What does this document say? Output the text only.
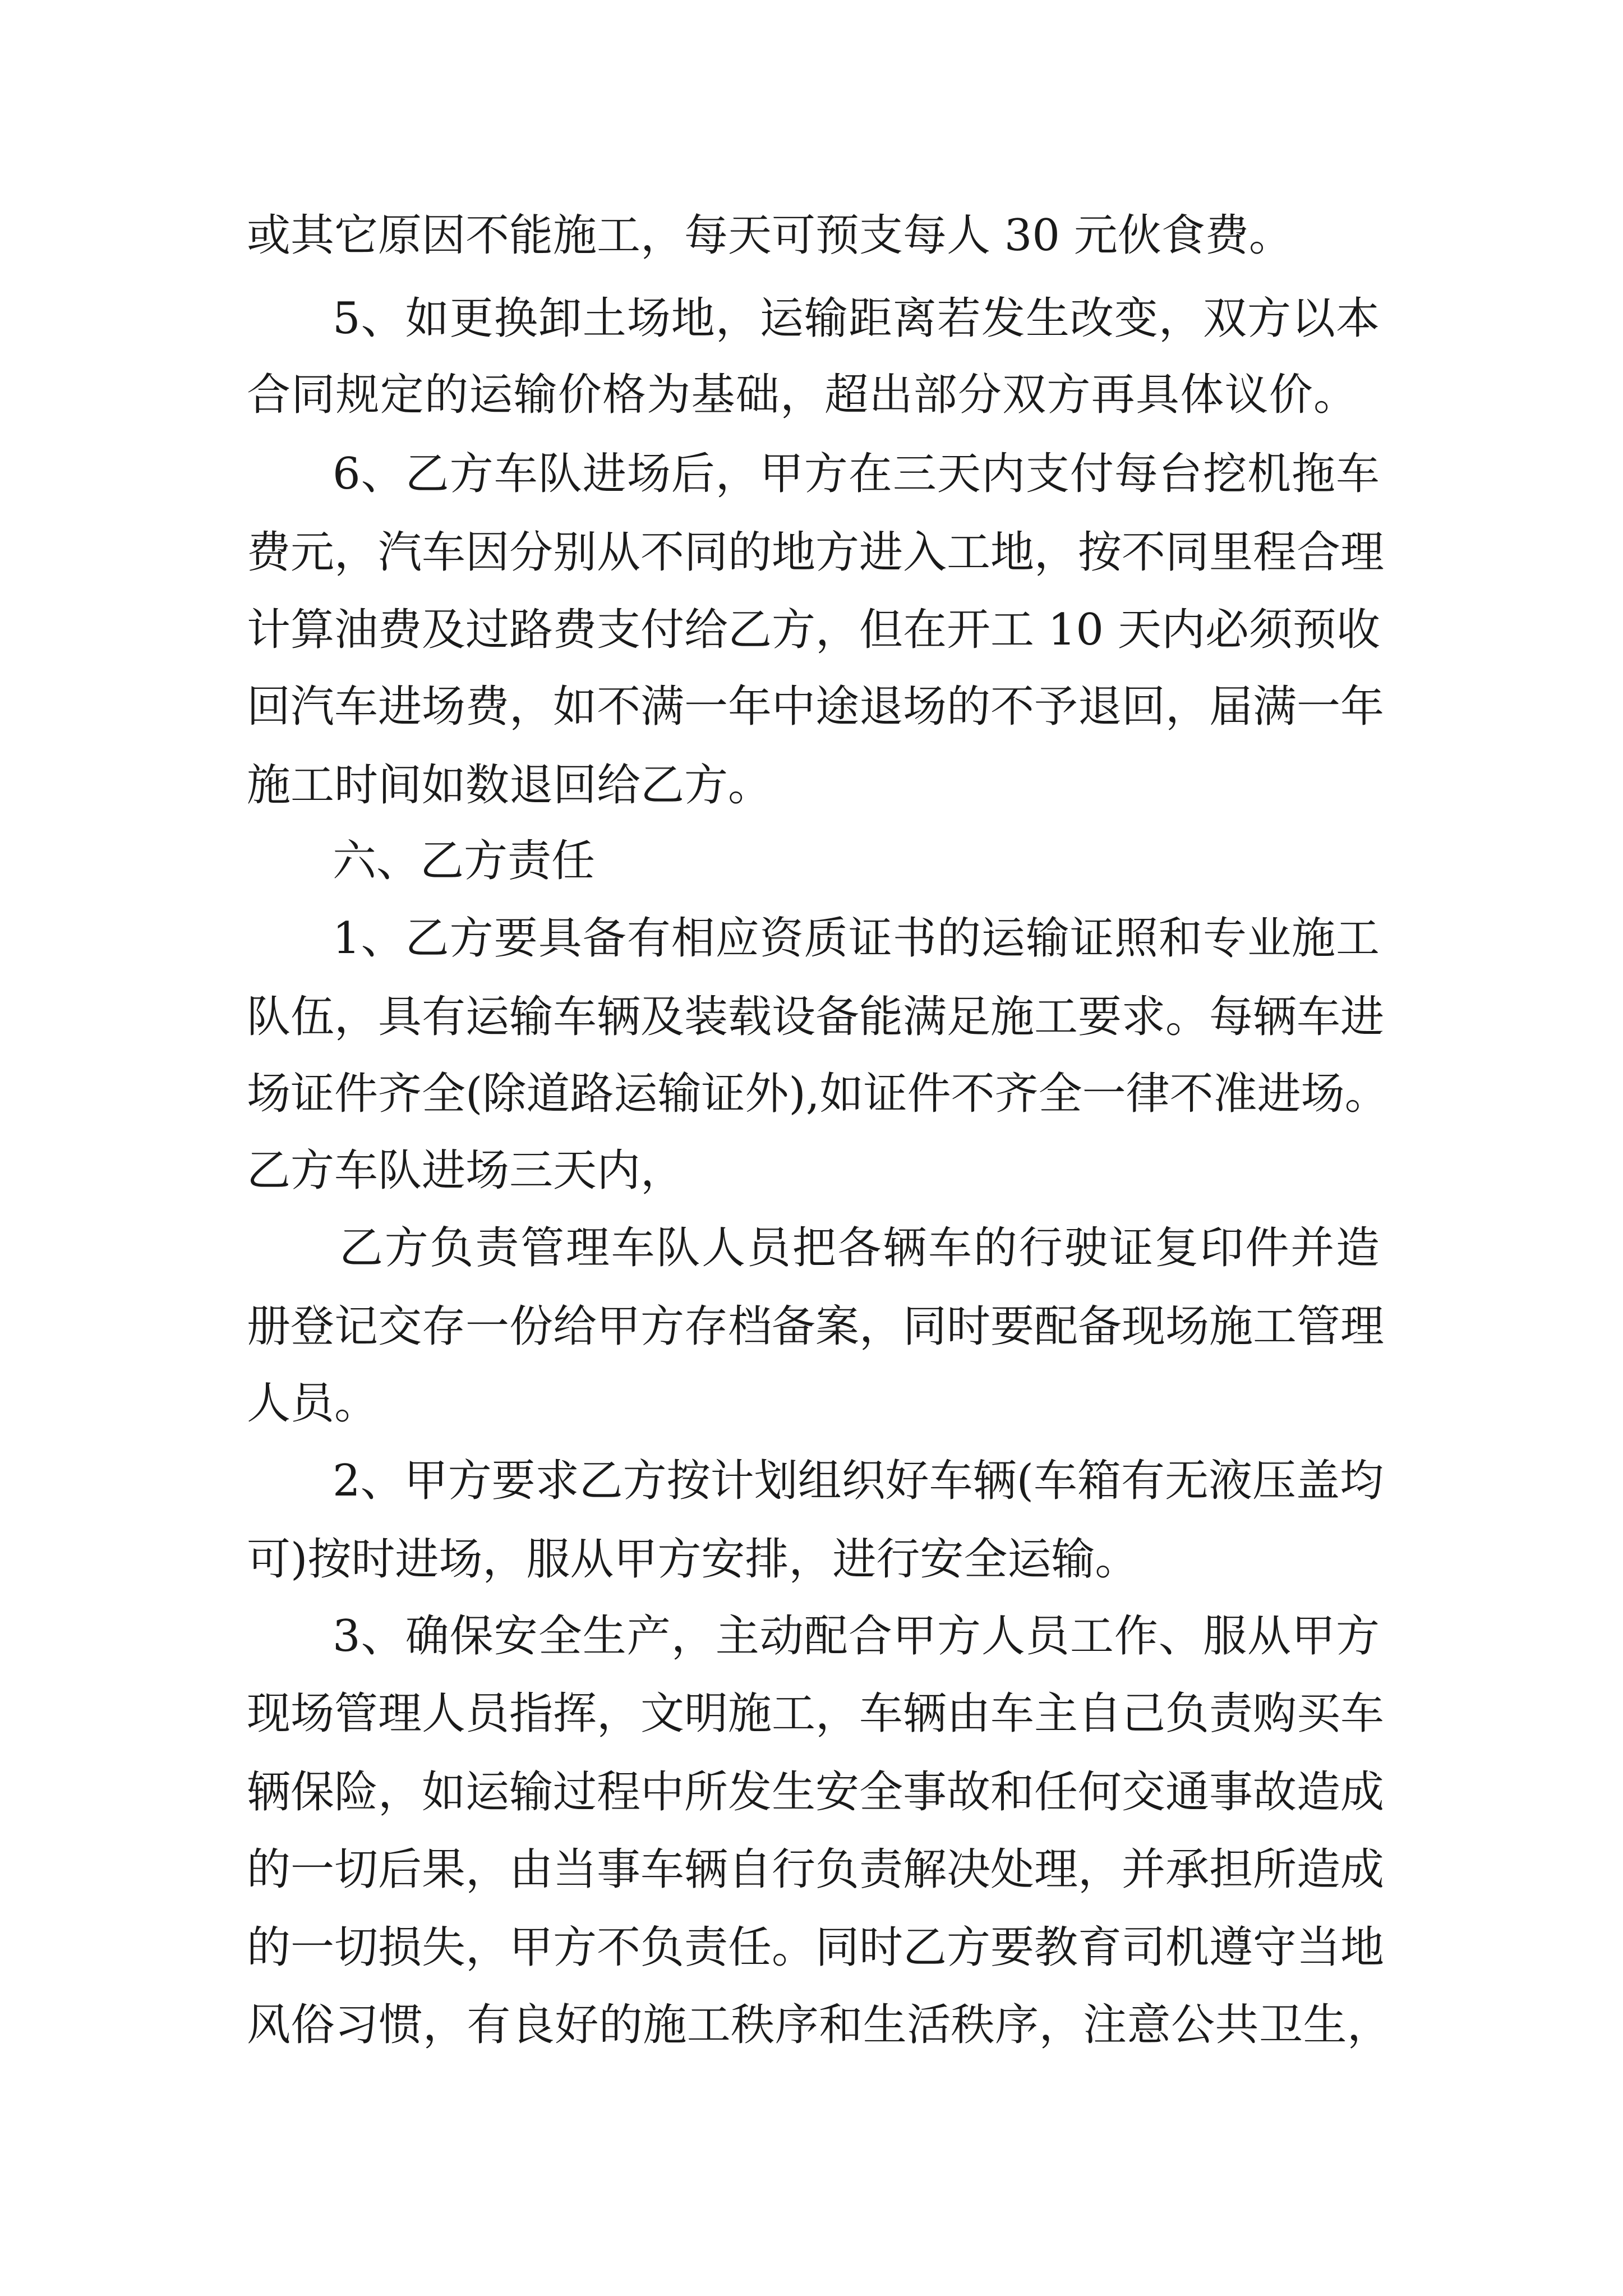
或其它原因不能施工，每天可预支每人 30 元伙食费。
5、如更换卸土场地，运输距离若发生改变，双方以本
合同规定的运输价格为基础，超出部分双方再具体议价。
6、乙方车队进场后，甲方在三天内支付每台挖机拖车
费元，汽车因分别从不同的地方进入工地，按不同里程合理
计算油费及过路费支付给乙方，但在开工 10 天内必须预收
回汽车进场费，如不满一年中途退场的不予退回，届满一年
施工时间如数退回给乙方。
六、乙方责任
1、乙方要具备有相应资质证书的运输证照和专业施工
队伍，具有运输车辆及装载设备能满足施工要求。每辆车进
场证件齐全(除道路运输证外),如证件不齐全一律不准进场。
乙方车队进场三天内，
乙方负责管理车队人员把各辆车的行驶证复印件并造
册登记交存一份给甲方存档备案，同时要配备现场施工管理
人员。
2、甲方要求乙方按计划组织好车辆(车箱有无液压盖均
可)按时进场，服从甲方安排，进行安全运输。
3、确保安全生产，主动配合甲方人员工作、服从甲方
现场管理人员指挥，文明施工，车辆由车主自己负责购买车
辆保险，如运输过程中所发生安全事故和任何交通事故造成
的一切后果，由当事车辆自行负责解决处理，并承担所造成
的一切损失，甲方不负责任。同时乙方要教育司机遵守当地
风俗习惯，有良好的施工秩序和生活秩序，注意公共卫生，
